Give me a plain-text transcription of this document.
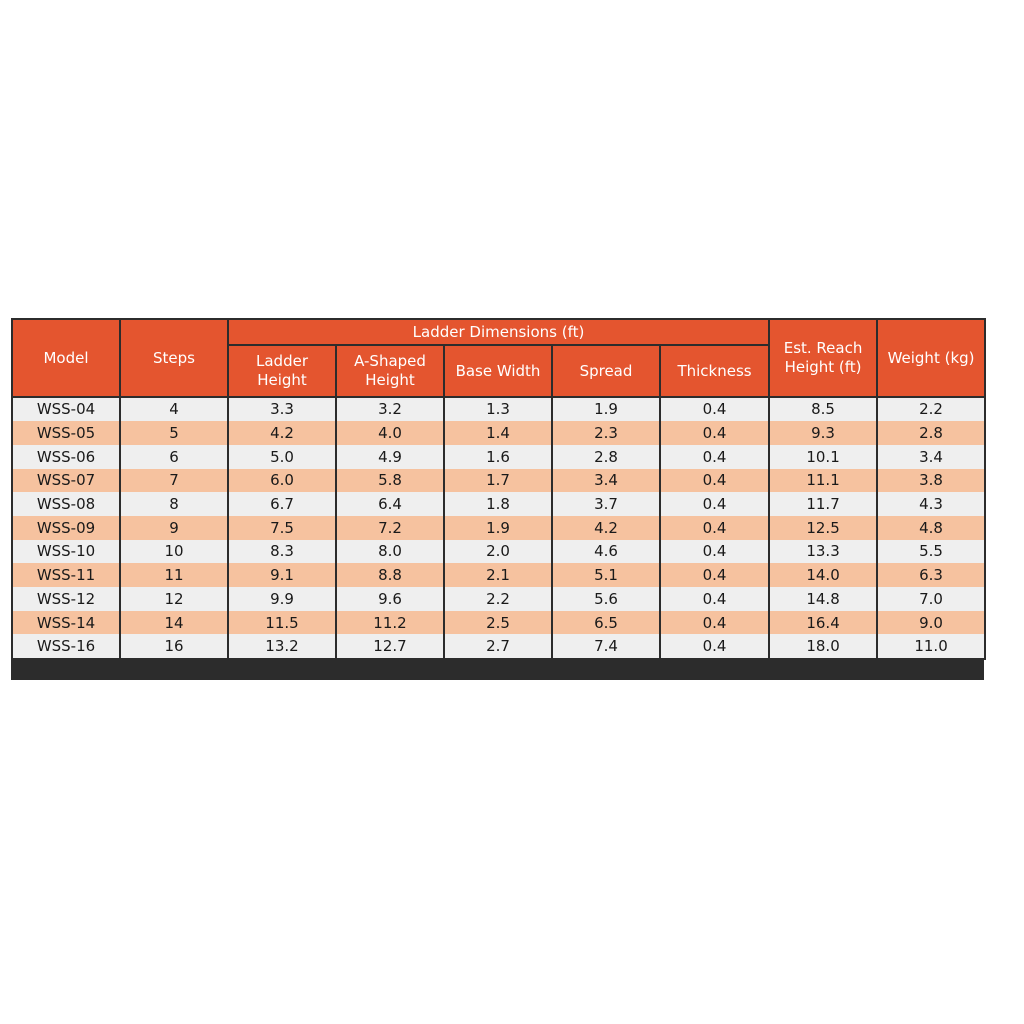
Model	Steps	Ladder Dimensions (ft)					Est. Reach Height (ft)	Weight (kg)
		Ladder Height	A-Shaped Height	Base Width	Spread	Thickness		
WSS-04	4	3.3	3.2	1.3	1.9	0.4	8.5	2.2
WSS-05	5	4.2	4.0	1.4	2.3	0.4	9.3	2.8
WSS-06	6	5.0	4.9	1.6	2.8	0.4	10.1	3.4
WSS-07	7	6.0	5.8	1.7	3.4	0.4	11.1	3.8
WSS-08	8	6.7	6.4	1.8	3.7	0.4	11.7	4.3
WSS-09	9	7.5	7.2	1.9	4.2	0.4	12.5	4.8
WSS-10	10	8.3	8.0	2.0	4.6	0.4	13.3	5.5
WSS-11	11	9.1	8.8	2.1	5.1	0.4	14.0	6.3
WSS-12	12	9.9	9.6	2.2	5.6	0.4	14.8	7.0
WSS-14	14	11.5	11.2	2.5	6.5	0.4	16.4	9.0
WSS-16	16	13.2	12.7	2.7	7.4	0.4	18.0	11.0
